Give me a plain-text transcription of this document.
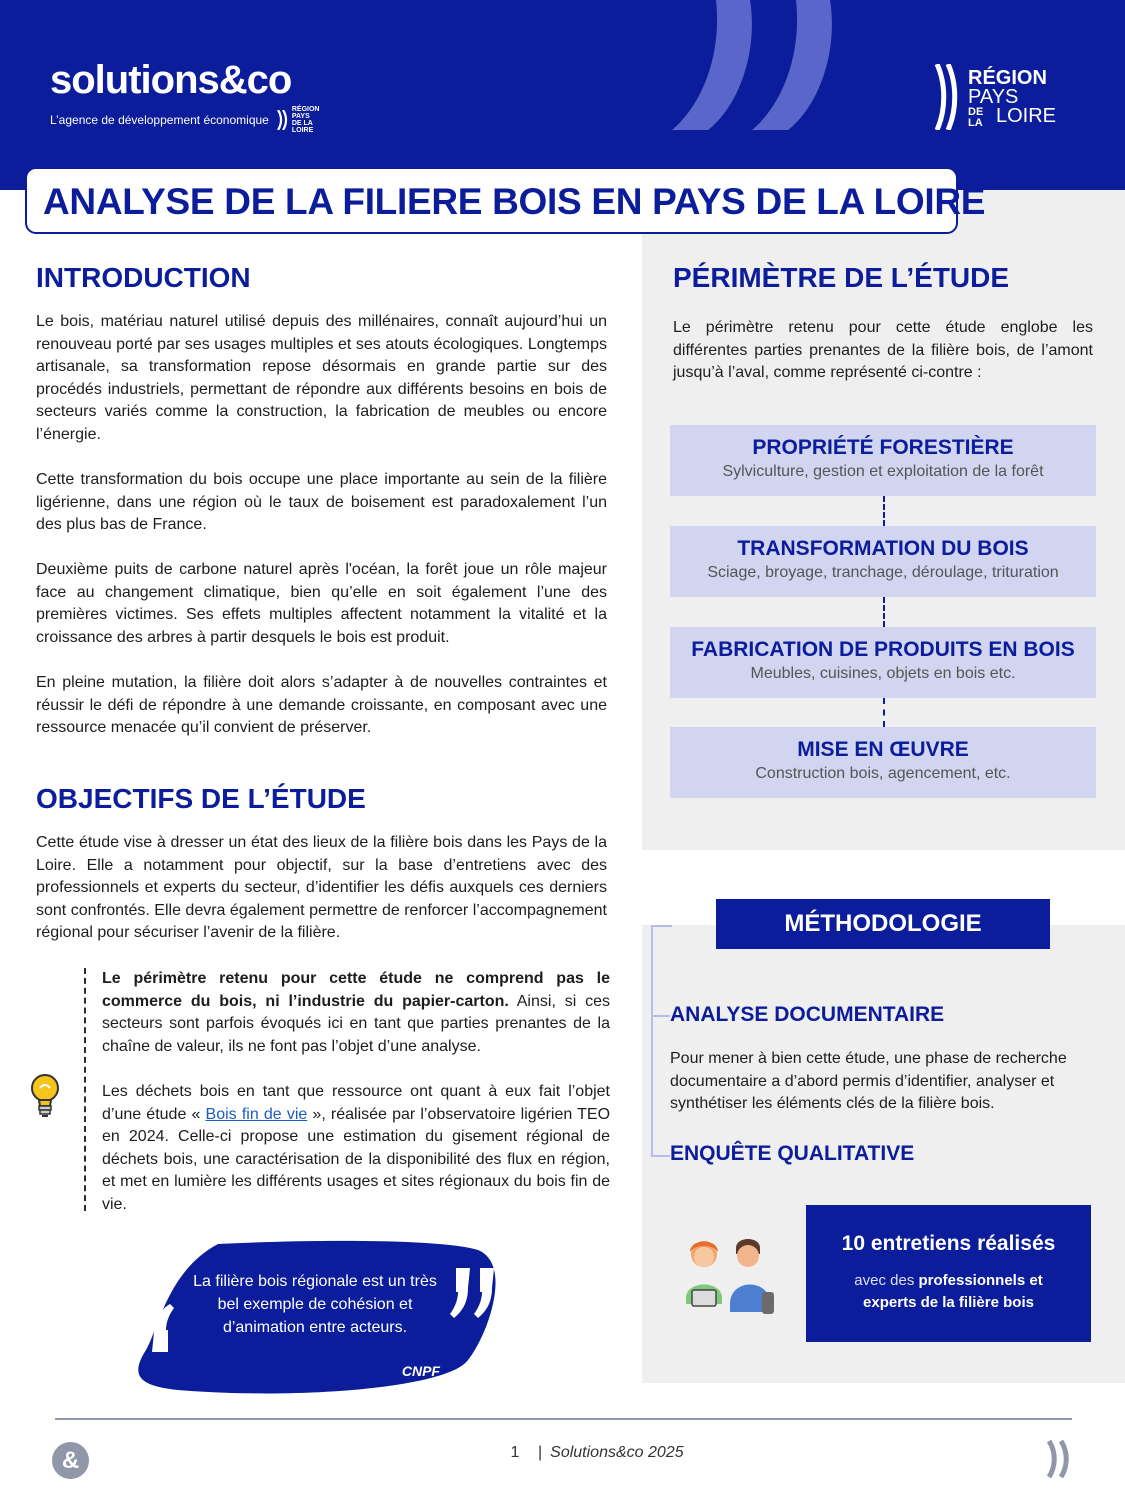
solutions&co
L’agence de développement économique
RÉGION
PAYS
DE LA
LOIRE
RÉGION
PAYS
DE
LA LOIRE
ANALYSE DE LA FILIERE BOIS EN PAYS DE LA LOIRE
INTRODUCTION

Le bois, matériau naturel utilisé depuis des millénaires, connaît aujourd’hui un renouveau porté par ses usages multiples et ses atouts écologiques. Longtemps artisanale, sa transformation repose désormais en grande partie sur des procédés industriels, permettant de répondre aux différents besoins en bois de secteurs variés comme la construction, la fabrication de meubles ou encore l’énergie.

Cette transformation du bois occupe une place importante au sein de la filière ligérienne, dans une région où le taux de boisement est paradoxalement l’un des plus bas de France.

Deuxième puits de carbone naturel après l'océan, la forêt joue un rôle majeur face au changement climatique, bien qu’elle en soit également l’une des premières victimes. Ses effets multiples affectent notamment la vitalité et la croissance des arbres à partir desquels le bois est produit.

En pleine mutation, la filière doit alors s’adapter à de nouvelles contraintes et réussir le défi de répondre à une demande croissante, en composant avec une ressource menacée qu’il convient de préserver.

OBJECTIFS DE L’ÉTUDE

Cette étude vise à dresser un état des lieux de la filière bois dans les Pays de la Loire. Elle a notamment pour objectif, sur la base d’entretiens avec des professionnels et experts du secteur, d’identifier les défis auxquels ces derniers sont confrontés. Elle devra également permettre de renforcer l’accompagnement régional pour sécuriser l’avenir de la filière.

Le périmètre retenu pour cette étude ne comprend pas le commerce du bois, ni l’industrie du papier-carton. Ainsi, si ces secteurs sont parfois évoqués ici en tant que parties prenantes de la chaîne de valeur, ils ne font pas l’objet d’une analyse.

Les déchets bois en tant que ressource ont quant à eux fait l’objet d’une étude « Bois fin de vie », réalisée par l’observatoire ligérien TEO en 2024. Celle-ci propose une estimation du gisement régional de déchets bois, une caractérisation de la disponibilité des flux en région, et met en lumière les différents usages et sites régionaux du bois fin de vie.

La filière bois régionale est un très bel exemple de cohésion et d’animation entre acteurs.
CNPF
PÉRIMÈTRE DE L’ÉTUDE

Le périmètre retenu pour cette étude englobe les différentes parties prenantes de la filière bois, de l’amont jusqu’à l’aval, comme représenté ci-contre :

PROPRIÉTÉ FORESTIÈRE
Sylviculture, gestion et exploitation de la forêt
TRANSFORMATION DU BOIS
Sciage, broyage, tranchage, déroulage, trituration
FABRICATION DE PRODUITS EN BOIS
Meubles, cuisines, objets en bois etc.
MISE EN ŒUVRE
Construction bois, agencement, etc.
MÉTHODOLOGIE
ANALYSE DOCUMENTAIRE

Pour mener à bien cette étude, une phase de recherche documentaire a d’abord permis d’identifier, analyser et synthétiser les éléments clés de la filière bois.

ENQUÊTE QUALITATIVE
10 entretiens réalisés
avec des professionnels et experts de la filière bois
&	1 | Solutions&co 2025
